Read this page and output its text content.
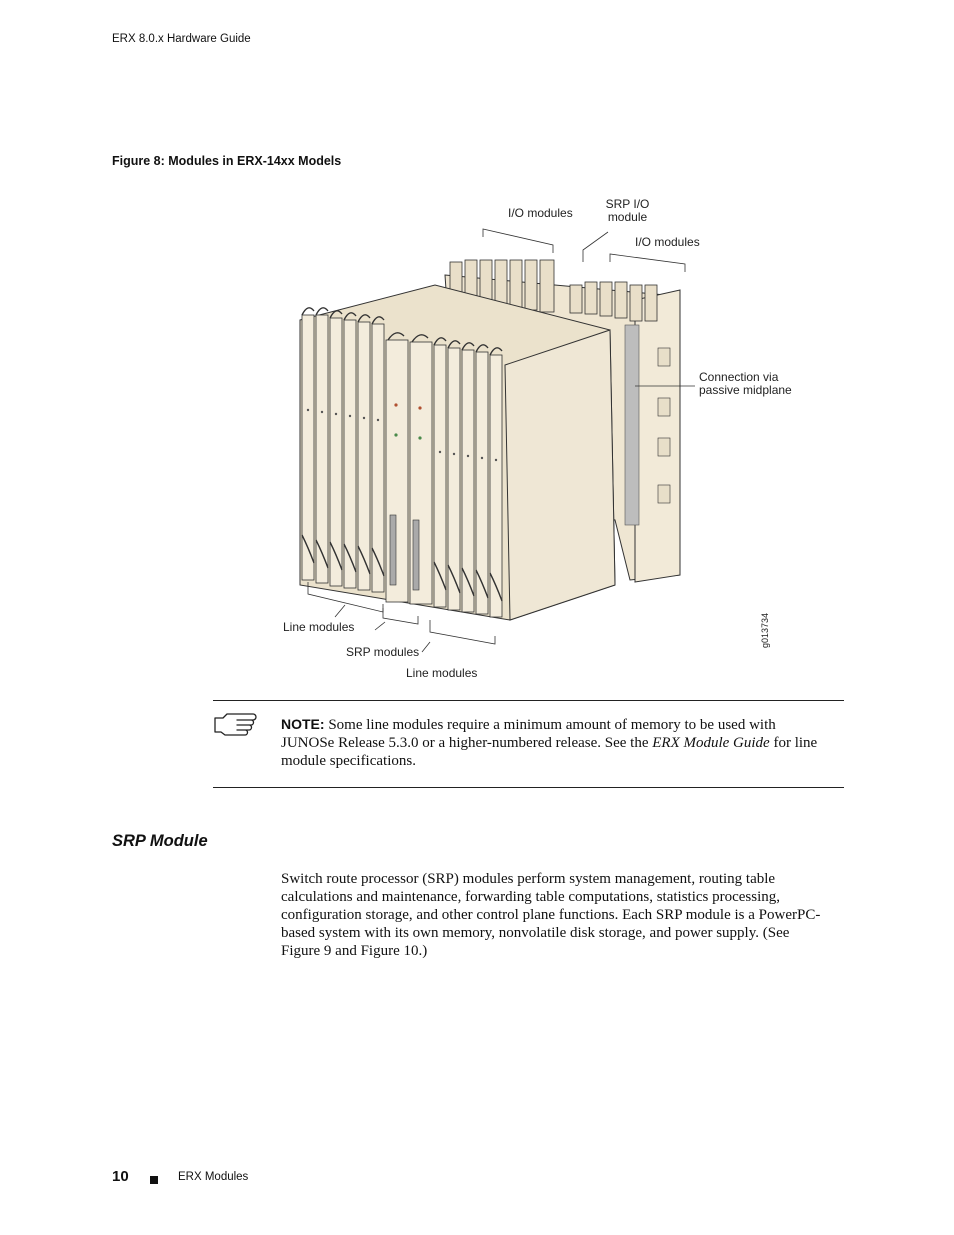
ERX 8.0.x Hardware Guide
Figure 8: Modules in ERX-14xx Models
I/O modules
SRP I/O
module
I/O modules
Connection via
passive midplane
Line modules
SRP modules
Line modules
g013734
NOTE: Some line modules require a minimum amount of memory to be used with JUNOSe Release 5.3.0 or a higher-numbered release. See the ERX Module Guide for line module specifications.
SRP Module
Switch route processor (SRP) modules perform system management, routing table calculations and maintenance, forwarding table computations, statistics processing, configuration storage, and other control plane functions. Each SRP module is a PowerPC-based system with its own memory, nonvolatile disk storage, and power supply. (See Figure 9 and Figure 10.)
10	ERX Modules
